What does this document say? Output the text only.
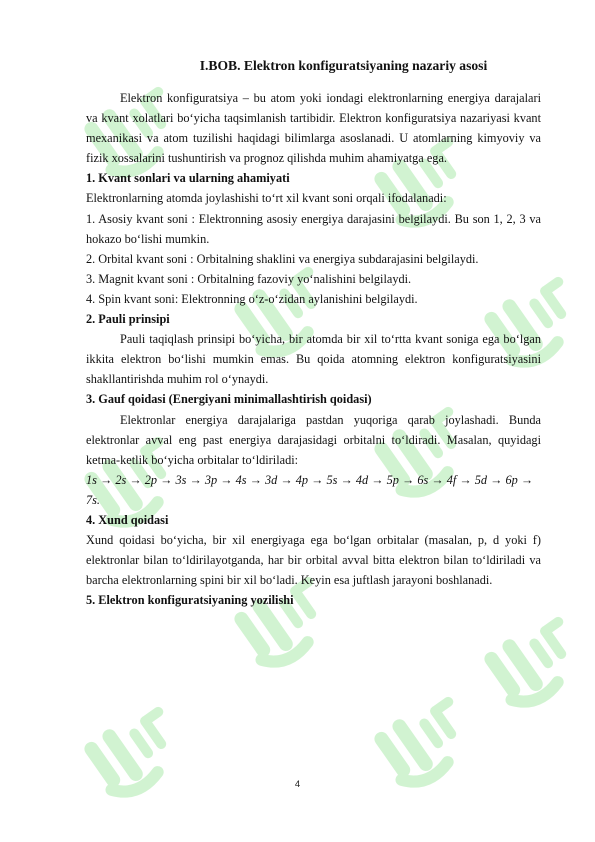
I.BOB. Elektron konfiguratsiyaning nazariy asosi

Elektron konfiguratsiya – bu atom yoki iondagi elektronlarning energiya darajalari va kvant xolatlari bo‘yicha taqsimlanish tartibidir. Elektron konfiguratsiya nazariyasi kvant mexanikasi va atom tuzilishi haqidagi bilimlarga asoslanadi. U atomlarning kimyoviy va fizik xossalarini tushuntirish va prognoz qilishda muhim ahamiyatga ega.

1. Kvant sonlari va ularning ahamiyati

Elektronlarning atomda joylashishi to‘rt xil kvant soni orqali ifodalanadi:

1. Asosiy kvant soni : Elektronning asosiy energiya darajasini belgilaydi. Bu son 1, 2, 3 va hokazo bo‘lishi mumkin.

2. Orbital kvant soni : Orbitalning shaklini va energiya subdarajasini belgilaydi.

3. Magnit kvant soni : Orbitalning fazoviy yo‘nalishini belgilaydi.

4. Spin kvant soni: Elektronning o‘z-o‘zidan aylanishini belgilaydi.

2. Pauli prinsipi

Pauli taqiqlash prinsipi bo‘yicha, bir atomda bir xil to‘rtta kvant soniga ega bo‘lgan ikkita elektron bo‘lishi mumkin emas. Bu qoida atomning elektron konfiguratsiyasini shakllantirishda muhim rol o‘ynaydi.

3. Gauf qoidasi (Energiyani minimallashtirish qoidasi)

Elektronlar energiya darajalariga pastdan yuqoriga qarab joylashadi. Bunda elektronlar avval eng past energiya darajasidagi orbitalni to‘ldiradi. Masalan, quyidagi ketma-ketlik bo‘yicha orbitalar to‘ldiriladi:

1s → 2s → 2p → 3s → 3p → 4s → 3d → 4p → 5s → 4d → 5p → 6s → 4f → 5d → 6p → 7s.

4. Xund qoidasi

Xund qoidasi bo‘yicha, bir xil energiyaga ega bo‘lgan orbitalar (masalan, p, d yoki f) elektronlar bilan to‘ldirilayotganda, har bir orbital avval bitta elektron bilan to‘ldiriladi va barcha elektronlarning spini bir xil bo‘ladi. Keyin esa juftlash jarayoni boshlanadi.

5. Elektron konfiguratsiyaning yozilishi

4
